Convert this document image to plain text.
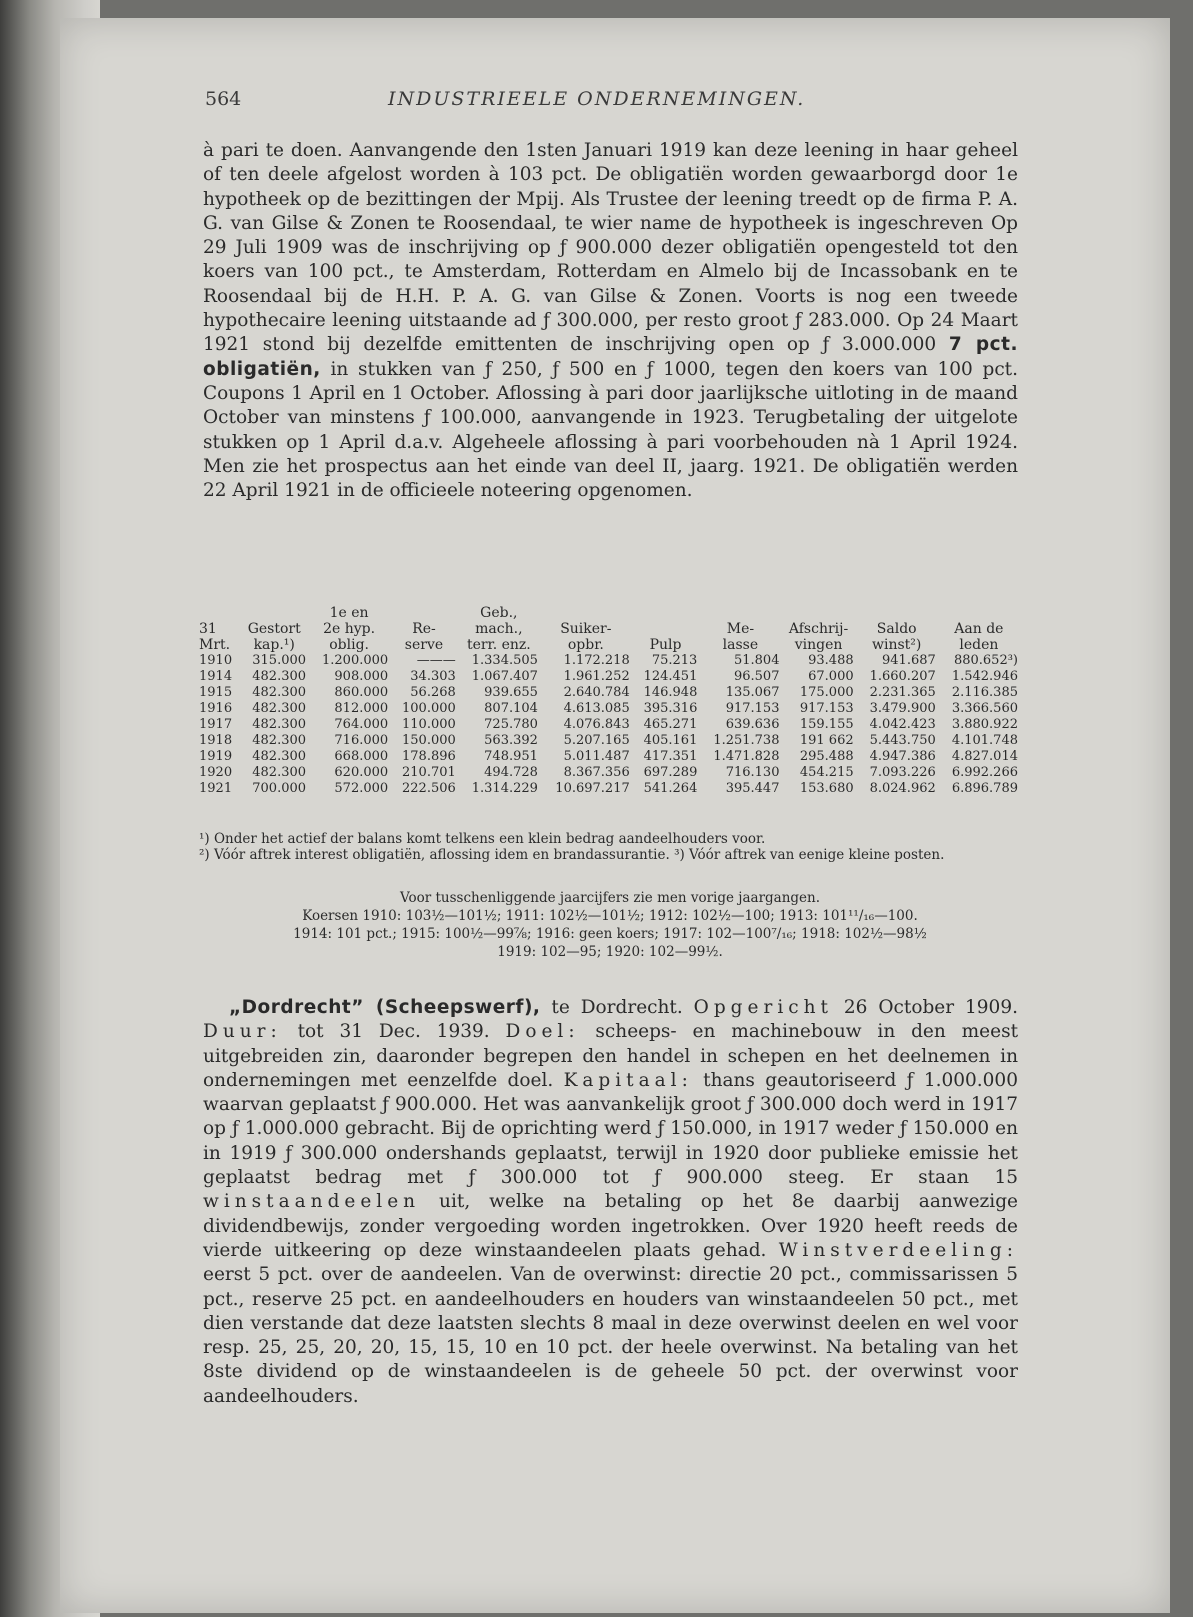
564	INDUSTRIEELE ONDERNEMINGEN.

à pari te doen. Aanvangende den 1sten Januari 1919 kan deze leening in haar geheel of ten deele afgelost worden à 103 pct. De obligatiën worden gewaarborgd door 1e hypotheek op de bezittingen der Mpij. Als Trustee der leening treedt op de firma P. A. G. van Gilse & Zonen te Roosendaal, te wier name de hypotheek is ingeschreven Op 29 Juli 1909 was de inschrijving op ƒ 900.000 dezer obligatiën opengesteld tot den koers van 100 pct., te Amsterdam, Rotterdam en Almelo bij de Incassobank en te Roosendaal bij de H.H. P. A. G. van Gilse & Zonen. Voorts is nog een tweede hypothecaire leening uitstaande ad ƒ 300.000, per resto groot ƒ 283.000. Op 24 Maart 1921 stond bij dezelfde emittenten de inschrijving open op ƒ 3.000.000 7 pct. obligatiën, in stukken van ƒ 250, ƒ 500 en ƒ 1000, tegen den koers van 100 pct. Coupons 1 April en 1 October. Aflossing à pari door jaarlijksche uitloting in de maand October van minstens ƒ 100.000, aanvangende in 1923. Terugbetaling der uitgelote stukken op 1 April d.a.v. Algeheele aflossing à pari voorbehouden nà 1 April 1924. Men zie het prospectus aan het einde van deel II, jaarg. 1921. De obligatiën werden 22 April 1921 in de officieele noteering opgenomen.

		1e en		Geb.,						
31	Gestort	2e hyp.	Re-	mach.,	Suiker-		Me-	Afschrij-	Saldo	Aan de
Mrt.	kap.¹)	oblig.	serve	terr. enz.	opbr.	Pulp	lasse	vingen	winst²)	leden
1910	315.000	1.200.000	———	1.334.505	1.172.218	75.213	51.804	93.488	941.687	880.652³)
1914	482.300	908.000	34.303	1.067.407	1.961.252	124.451	96.507	67.000	1.660.207	1.542.946
1915	482.300	860.000	56.268	939.655	2.640.784	146.948	135.067	175.000	2.231.365	2.116.385
1916	482.300	812.000	100.000	807.104	4.613.085	395.316	917.153	917.153	3.479.900	3.366.560
1917	482.300	764.000	110.000	725.780	4.076.843	465.271	639.636	159.155	4.042.423	3.880.922
1918	482.300	716.000	150.000	563.392	5.207.165	405.161	1.251.738	191 662	5.443.750	4.101.748
1919	482.300	668.000	178.896	748.951	5.011.487	417.351	1.471.828	295.488	4.947.386	4.827.014
1920	482.300	620.000	210.701	494.728	8.367.356	697.289	716.130	454.215	7.093.226	6.992.266
1921	700.000	572.000	222.506	1.314.229	10.697.217	541.264	395.447	153.680	8.024.962	6.896.789

¹) Onder het actief der balans komt telkens een klein bedrag aandeelhouders voor.

²) Vóór aftrek interest obligatiën, aflossing idem en brandassurantie. ³) Vóór aftrek van eenige kleine posten.

Voor tusschenliggende jaarcijfers zie men vorige jaargangen.

Koersen 1910: 103½—101½; 1911: 102½—101½; 1912: 102½—100; 1913: 101¹¹/₁₆—100.

1914: 101 pct.; 1915: 100½—99⅞; 1916: geen koers; 1917: 102—100⁷/₁₆; 1918: 102½—98½

1919: 102—95; 1920: 102—99½.

„Dordrecht” (Scheepswerf), te Dordrecht. Opgericht 26 October 1909. Duur: tot 31 Dec. 1939. Doel: scheeps- en machinebouw in den meest uitgebreiden zin, daaronder begrepen den handel in schepen en het deelnemen in ondernemingen met eenzelfde doel. Kapitaal: thans geautoriseerd ƒ 1.000.000 waarvan geplaatst ƒ 900.000. Het was aanvankelijk groot ƒ 300.000 doch werd in 1917 op ƒ 1.000.000 gebracht. Bij de oprichting werd ƒ 150.000, in 1917 weder ƒ 150.000 en in 1919 ƒ 300.000 ondershands geplaatst, terwijl in 1920 door publieke emissie het geplaatst bedrag met ƒ 300.000 tot ƒ 900.000 steeg. Er staan 15 winstaandeelen uit, welke na betaling op het 8e daarbij aanwezige dividendbewijs, zonder vergoeding worden ingetrokken. Over 1920 heeft reeds de vierde uitkeering op deze winstaandeelen plaats gehad. Winstverdeeling: eerst 5 pct. over de aandeelen. Van de overwinst: directie 20 pct., commissarissen 5 pct., reserve 25 pct. en aandeelhouders en houders van winstaandeelen 50 pct., met dien verstande dat deze laatsten slechts 8 maal in deze overwinst deelen en wel voor resp. 25, 25, 20, 20, 15, 15, 10 en 10 pct. der heele overwinst. Na betaling van het 8ste dividend op de winstaandeelen is de geheele 50 pct. der overwinst voor aandeelhouders.
